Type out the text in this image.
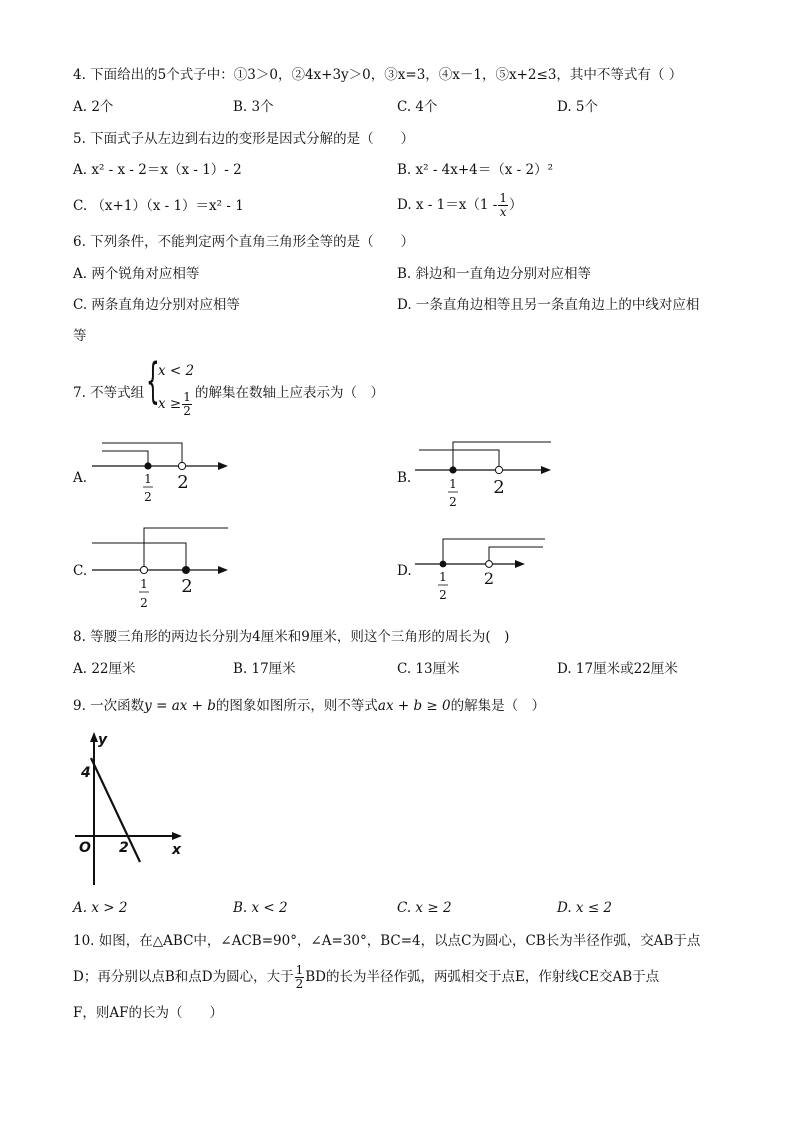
4. 下面给出的5个式子中：①3＞0，②4x+3y＞0，③x=3，④x－1，⑤x+2≤3，其中不等式有（ ）
A. 2个	B. 3个	C. 4个	D. 5个
5. 下面式子从左边到右边的变形是因式分解的是（　　）
A. x² - x - 2＝x（x - 1）- 2	B. x² - 4x+4＝（x - 2）²
C. （x+1）（x - 1）＝x² - 1	D. $x - 1=x(1 - \frac{1}{x}$ ）
6. 下列条件，不能判定两个直角三角形全等的是（　　）
A. 两个锐角对应相等	B. 斜边和一直角边分别对应相等
C. 两条直角边分别对应相等	D. 一条直角边相等且另一条直角边上的中线对应相
等
7. 不等式组 {
x < 2
$x \ge \frac{1}{2}$ 的解集在数轴上应表示为（　）
A.	1
2
2	B.	1
2
2
C.
1
2
2
D. 1
2
2
8. 等腰三角形的两边长分别为4厘米和9厘米，则这个三角形的周长为(　)
A. 22厘米	B. 17厘米	C. 13厘米	D. 17厘米或22厘米
9. 一次函数y = ax + b的图象如图所示，则不等式ax + b ≥ 0的解集是（　）
y
x
O
4
2
A. x > 2	B. x < 2	C. x ≥ 2	D. x ≤ 2
10. 如图，在△ABC中，∠ACB=90°，∠A=30°，BC=4，以点C为圆心，CB长为半径作弧，交AB于点
D；再分别以点B和点D为圆心，大于 $\frac{1}{2}$ BD的长为半径作弧，两弧相交于点E，作射线CE交AB于点
F，则AF的长为（　　）
